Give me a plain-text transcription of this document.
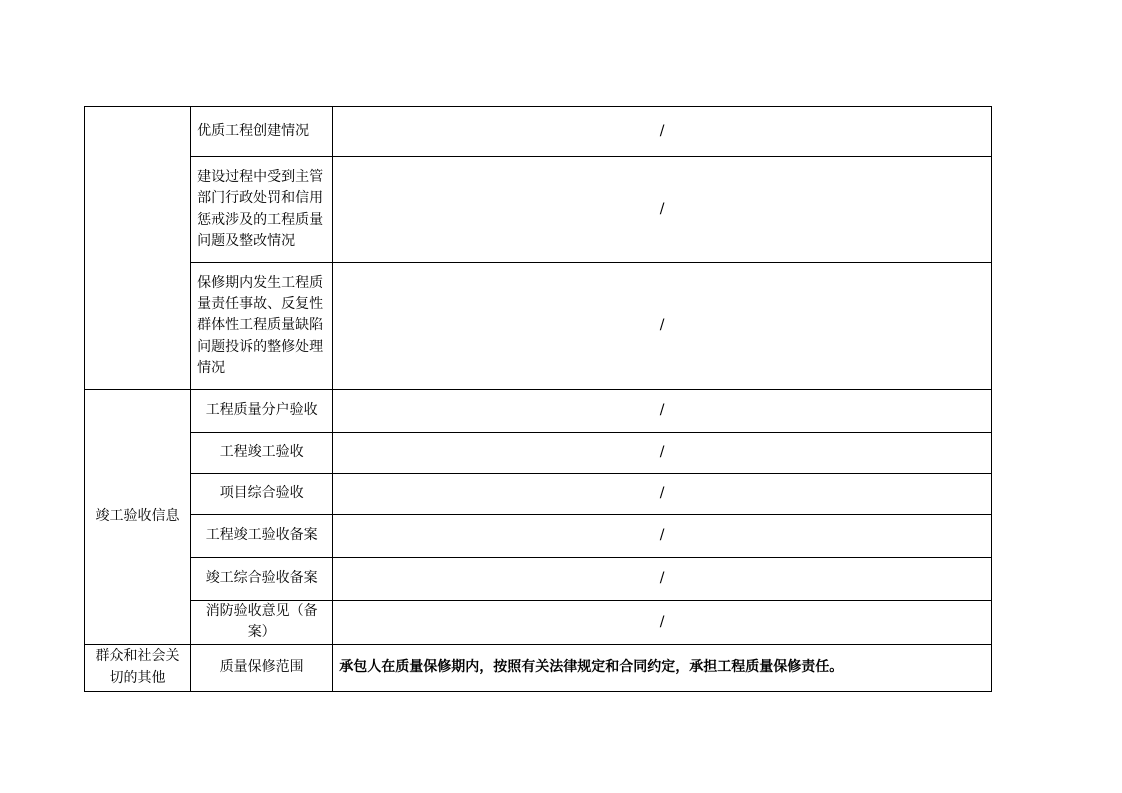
	优质工程创建情况	/
	建设过程中受到主管部门行政处罚和信用惩戒涉及的工程质量问题及整改情况	/
	保修期内发生工程质量责任事故、反复性群体性工程质量缺陷问题投诉的整修处理情况	/
竣工验收信息	工程质量分户验收	/
	工程竣工验收	/
	项目综合验收	/
	工程竣工验收备案	/
	竣工综合验收备案	/
	消防验收意见（备案）	/
群众和社会关切的其他	质量保修范围	承包人在质量保修期内，按照有关法律规定和合同约定，承担工程质量保修责任。
